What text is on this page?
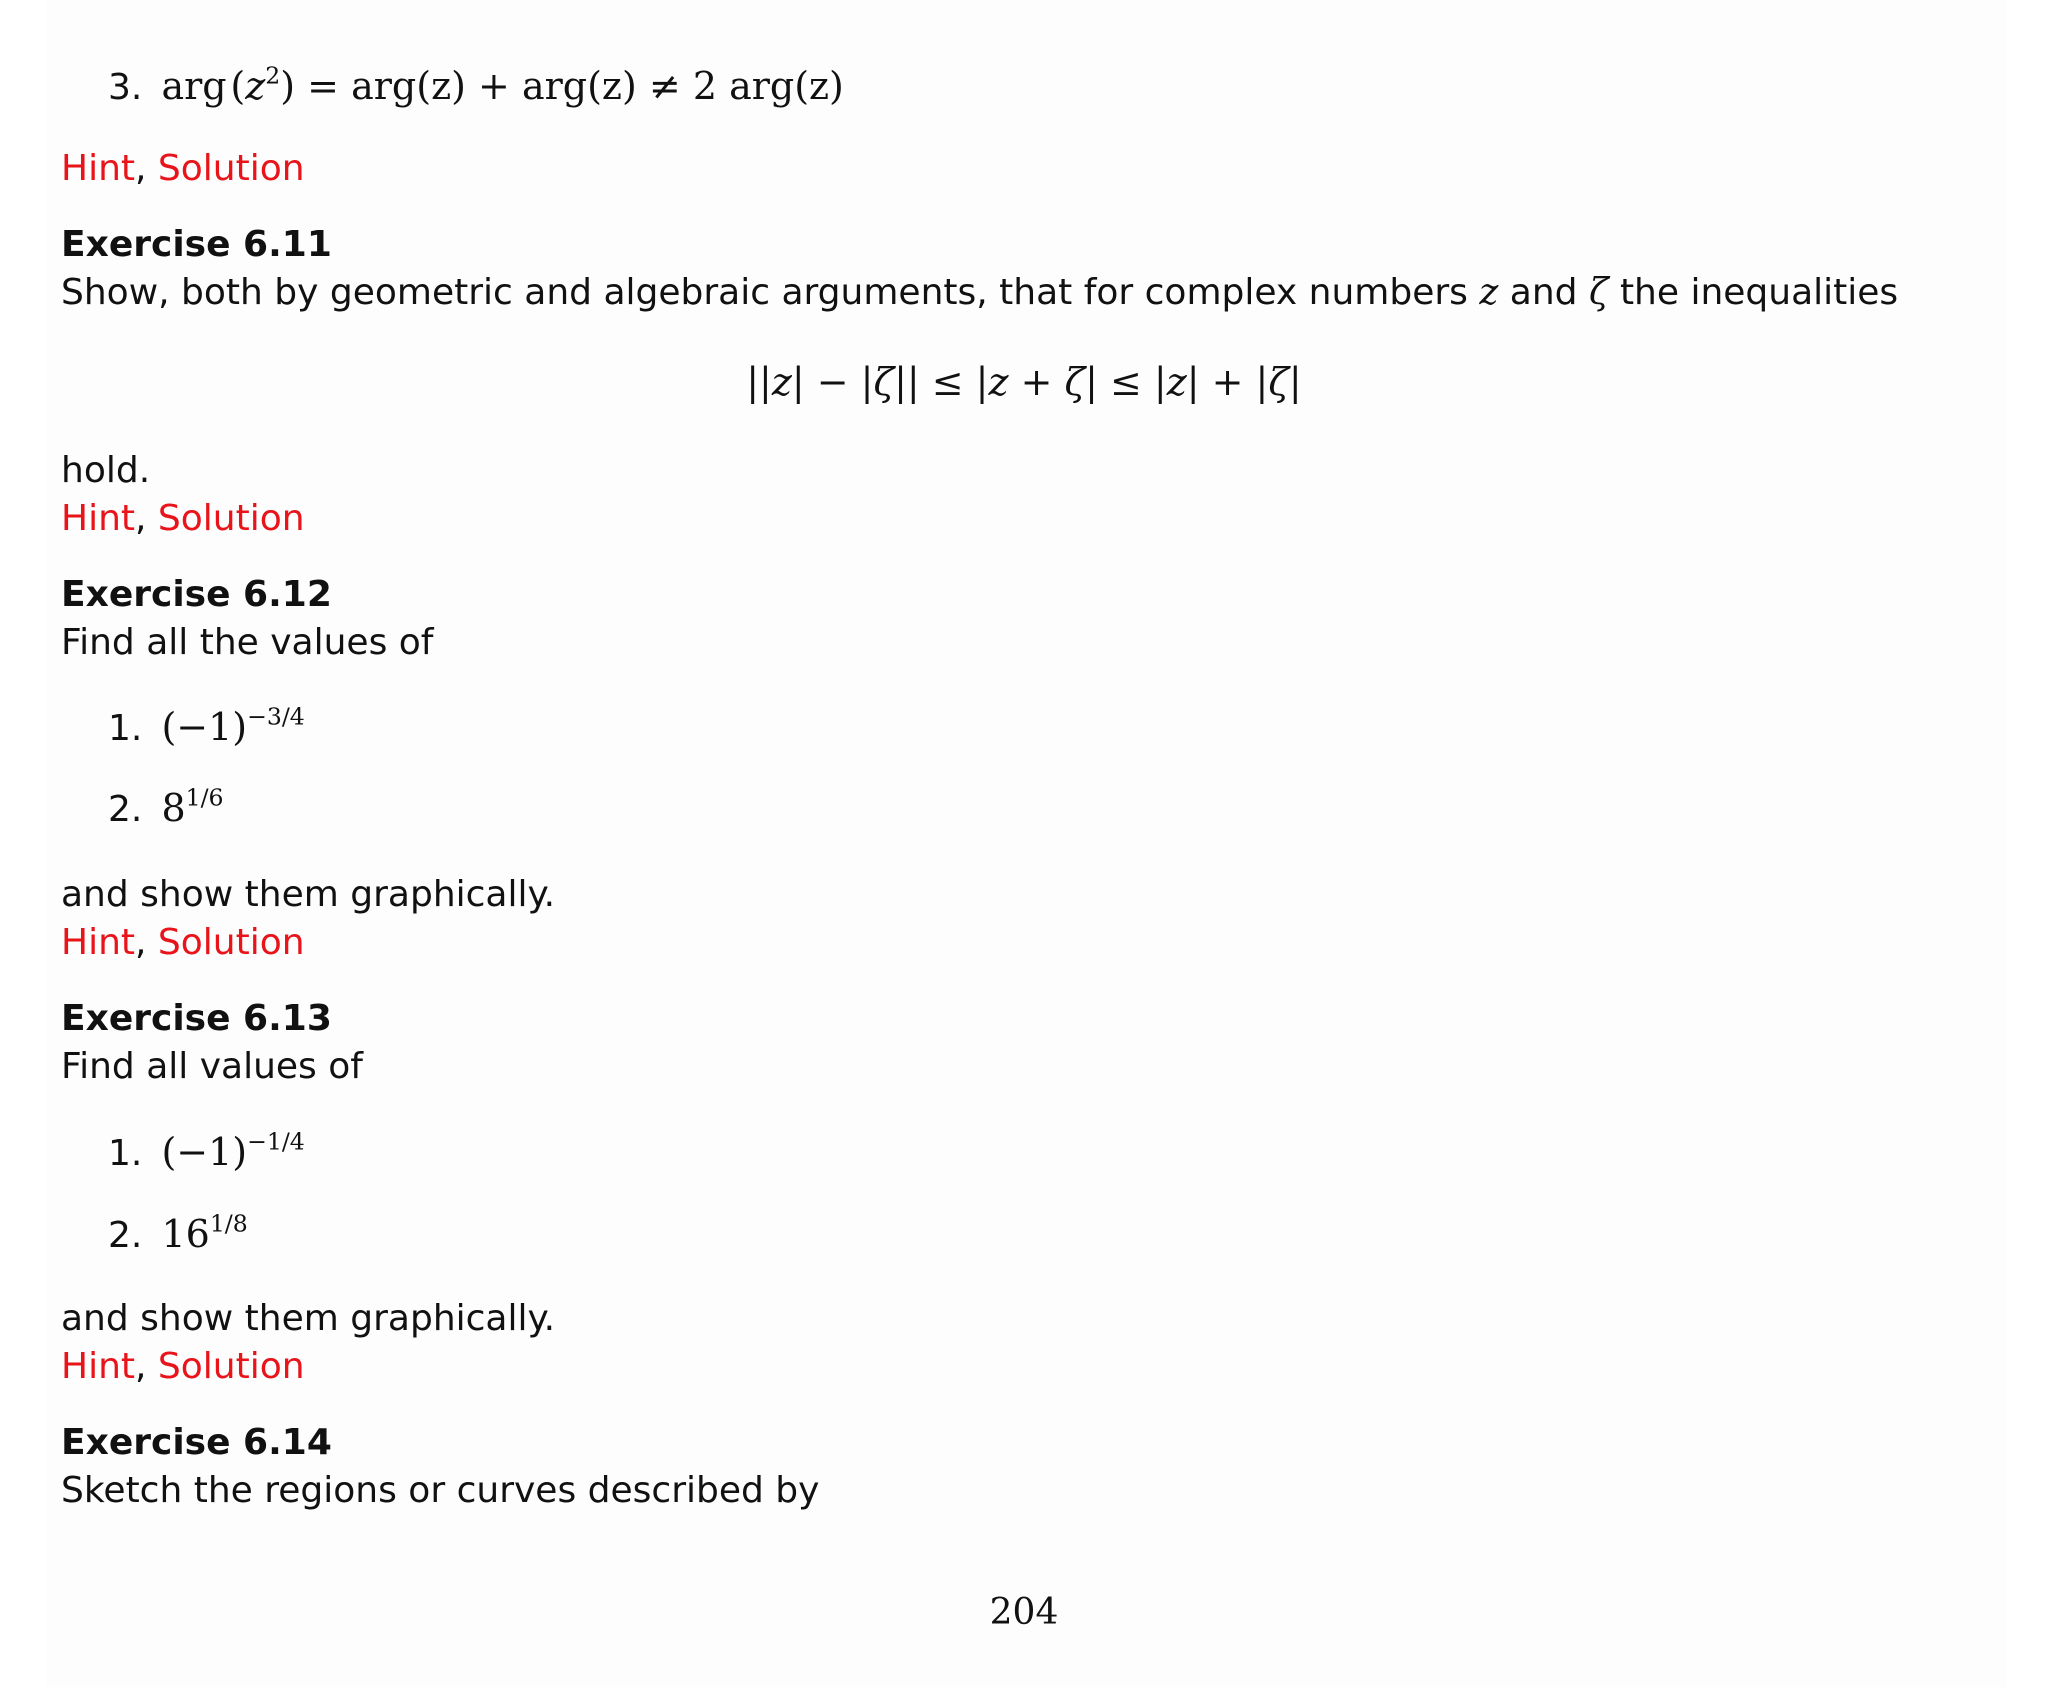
3. arg $(z^2) = arg(z) + arg(z) \ne 2$ arg(z)
Hint, Solution
Exercise 6.11
Show, both by geometric and algebraic arguments, that for complex numbers z and ζ the inequalities
||z| − |ζ|| ≤ |z + ζ| ≤ |z| + |ζ|
hold.
Hint, Solution
Exercise 6.12
Find all the values of
1. $(-1)^{-3/4}$
2. $8^{1/6}$
and show them graphically.
Hint, Solution
Exercise 6.13
Find all values of
1. $(-1)^{-1/4}$
2. $16^{1/8}$
and show them graphically.
Hint, Solution
Exercise 6.14
Sketch the regions or curves described by
204
